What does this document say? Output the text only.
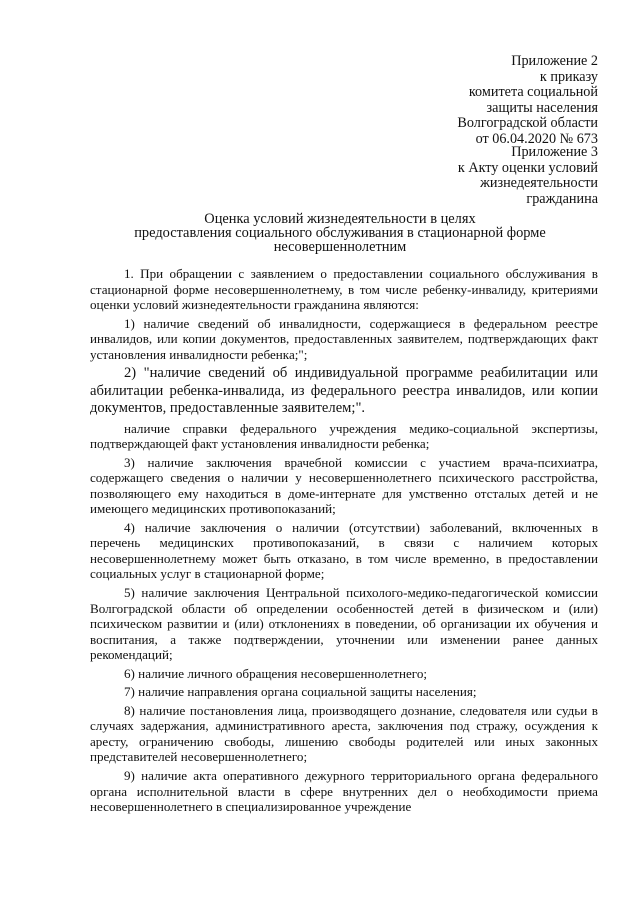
Приложение 2
к приказу
комитета социальной
защиты населения
Волгоградской области
от 06.04.2020 № 673
Приложение 3
к Акту оценки условий
жизнедеятельности
гражданина
Оценка условий жизнедеятельности в целях
предоставления социального обслуживания в стационарной форме
несовершеннолетним

1. При обращении с заявлением о предоставлении социального обслуживания в стационарной форме несовершеннолетнему, в том числе ребенку-инвалиду, критериями оценки условий жизнедеятельности гражданина являются:

1) наличие сведений об инвалидности, содержащиеся в федеральном реестре инвалидов, или копии документов, предоставленных заявителем, подтверждающих факт установления инвалидности ребенка;";

2) "наличие сведений об индивидуальной программе реабилитации или абилитации ребенка-инвалида, из федерального реестра инвалидов, или копии документов, предоставленные заявителем;".

наличие справки федерального учреждения медико-социальной экспертизы, подтверждающей факт установления инвалидности ребенка;

3) наличие заключения врачебной комиссии с участием врача-психиатра, содержащего сведения о наличии у несовершеннолетнего психического расстройства, позволяющего ему находиться в доме-интернате для умственно отсталых детей и не имеющего медицинских противопоказаний;

4) наличие заключения о наличии (отсутствии) заболеваний, включенных в перечень медицинских противопоказаний, в связи с наличием которых несовершеннолетнему может быть отказано, в том числе временно, в предоставлении социальных услуг в стационарной форме;

5) наличие заключения Центральной психолого-медико-педагогической комиссии Волгоградской области об определении особенностей детей в физическом и (или) психическом развитии и (или) отклонениях в поведении, об организации их обучения и воспитания, а также подтверждении, уточнении или изменении ранее данных рекомендаций;

6) наличие личного обращения несовершеннолетнего;

7) наличие направления органа социальной защиты населения;

8) наличие постановления лица, производящего дознание, следователя или судьи в случаях задержания, административного ареста, заключения под стражу, осуждения к аресту, ограничению свободы, лишению свободы родителей или иных законных представителей несовершеннолетнего;

9) наличие акта оперативного дежурного территориального органа федерального органа исполнительной власти в сфере внутренних дел о необходимости приема несовершеннолетнего в специализированное учреждение
